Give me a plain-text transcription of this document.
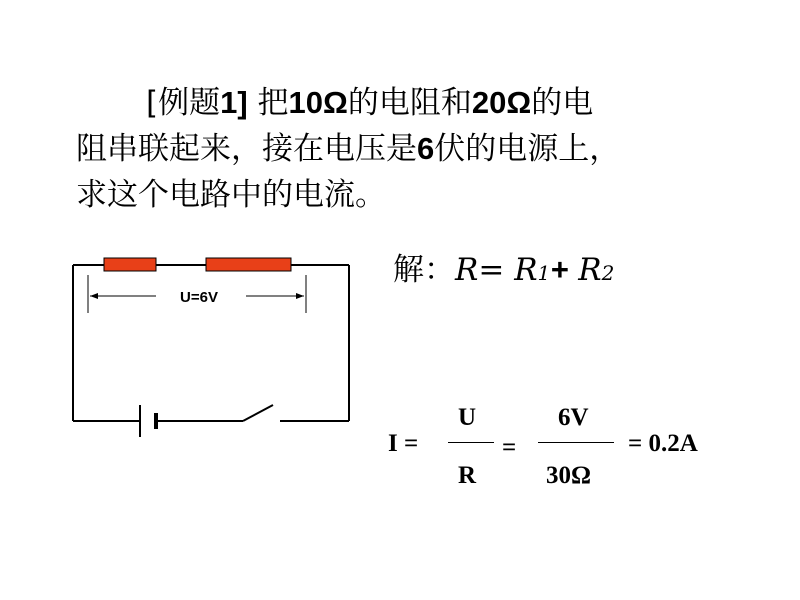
[例题1] 把10Ω的电阻和20Ω的电
阻串联起来，接在电压是6伏的电源上，
求这个电路中的电流。
U=6V
解：R= R1+ R2
I =
U
R
=
6V
30Ω
= 0.2A
